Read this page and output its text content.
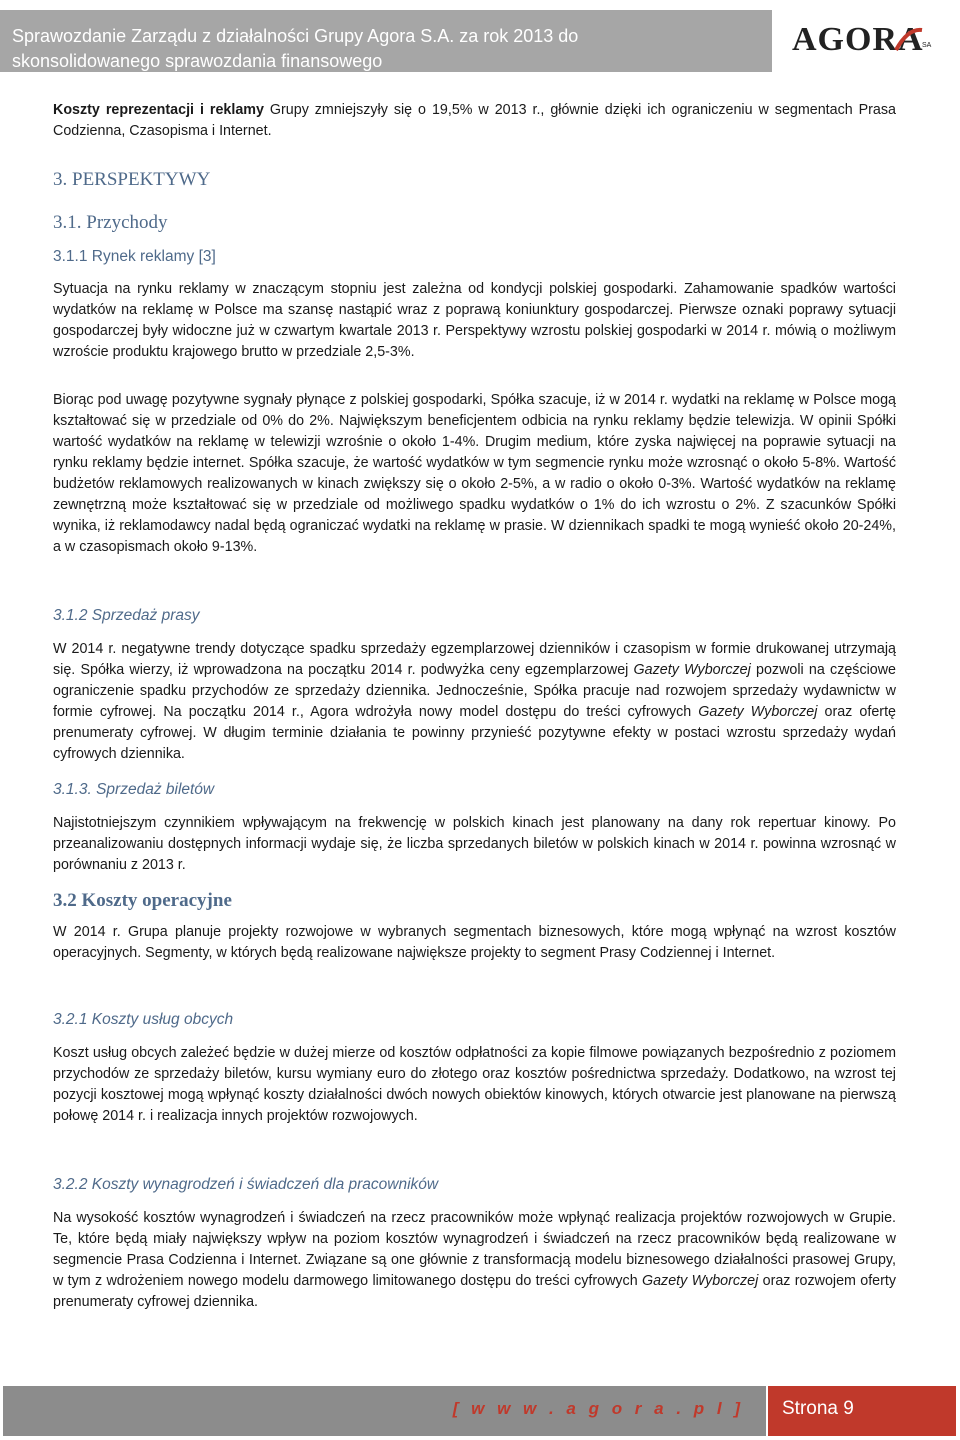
Sprawozdanie Zarządu z działalności Grupy Agora S.A. za rok 2013 do
skonsolidowanego sprawozdania finansowego
AGORA
SA

Koszty reprezentacji i reklamy Grupy zmniejszyły się o 19,5% w 2013 r., głównie dzięki ich ograniczeniu w segmentach Prasa Codzienna, Czasopisma i Internet.

3. PERSPEKTYWY
3.1. Przychody
3.1.1 Rynek reklamy [3]

Sytuacja na rynku reklamy w znaczącym stopniu jest zależna od kondycji polskiej gospodarki. Zahamowanie spadków wartości wydatków na reklamę w Polsce ma szansę nastąpić wraz z poprawą koniunktury gospodarczej. Pierwsze oznaki poprawy sytuacji gospodarczej były widoczne już w czwartym kwartale 2013 r. Perspektywy wzrostu polskiej gospodarki w 2014 r. mówią o możliwym wzroście produktu krajowego brutto w przedziale 2,5-3%.

Biorąc pod uwagę pozytywne sygnały płynące z polskiej gospodarki, Spółka szacuje, iż w 2014 r. wydatki na reklamę w Polsce mogą kształtować się w przedziale od 0% do 2%. Największym beneficjentem odbicia na rynku reklamy będzie telewizja. W opinii Spółki wartość wydatków na reklamę w telewizji wzrośnie o około 1-4%. Drugim medium, które zyska najwięcej na poprawie sytuacji na rynku reklamy będzie internet. Spółka szacuje, że wartość wydatków w tym segmencie rynku może wzrosnąć o około 5-8%. Wartość budżetów reklamowych realizowanych w kinach zwiększy się o około 2-5%, a w radio o około 0-3%. Wartość wydatków na reklamę zewnętrzną może kształtować się w przedziale od możliwego spadku wydatków o 1% do ich wzrostu o 2%. Z szacunków Spółki wynika, iż reklamodawcy nadal będą ograniczać wydatki na reklamę w prasie. W dziennikach spadki te mogą wynieść około 20-24%, a w czasopismach około 9-13%.

3.1.2 Sprzedaż prasy

W 2014 r. negatywne trendy dotyczące spadku sprzedaży egzemplarzowej dzienników i czasopism w formie drukowanej utrzymają się. Spółka wierzy, iż wprowadzona na początku 2014 r. podwyżka ceny egzemplarzowej Gazety Wyborczej pozwoli na częściowe ograniczenie spadku przychodów ze sprzedaży dziennika. Jednocześnie, Spółka pracuje nad rozwojem sprzedaży wydawnictw w formie cyfrowej. Na początku 2014 r., Agora wdrożyła nowy model dostępu do treści cyfrowych Gazety Wyborczej oraz ofertę prenumeraty cyfrowej. W długim terminie działania te powinny przynieść pozytywne efekty w postaci wzrostu sprzedaży wydań cyfrowych dziennika.

3.1.3. Sprzedaż biletów

Najistotniejszym czynnikiem wpływającym na frekwencję w polskich kinach jest planowany na dany rok repertuar kinowy. Po przeanalizowaniu dostępnych informacji wydaje się, że liczba sprzedanych biletów w polskich kinach w 2014 r. powinna wzrosnąć w porównaniu z 2013 r.

3.2 Koszty operacyjne

W 2014 r. Grupa planuje projekty rozwojowe w wybranych segmentach biznesowych, które mogą wpłynąć na wzrost kosztów operacyjnych. Segmenty, w których będą realizowane największe projekty to segment Prasy Codziennej i Internet.

3.2.1 Koszty usług obcych

Koszt usług obcych zależeć będzie w dużej mierze od kosztów odpłatności za kopie filmowe powiązanych bezpośrednio z poziomem przychodów ze sprzedaży biletów, kursu wymiany euro do złotego oraz kosztów pośrednictwa sprzedaży. Dodatkowo, na wzrost tej pozycji kosztowej mogą wpłynąć koszty działalności dwóch nowych obiektów kinowych, których otwarcie jest planowane na pierwszą połowę 2014 r. i realizacja innych projektów rozwojowych.

3.2.2 Koszty wynagrodzeń i świadczeń dla pracowników

Na wysokość kosztów wynagrodzeń i świadczeń na rzecz pracowników może wpłynąć realizacja projektów rozwojowych w Grupie. Te, które będą miały największy wpływ na poziom kosztów wynagrodzeń i świadczeń na rzecz pracowników będą realizowane w segmencie Prasa Codzienna i Internet. Związane są one głównie z transformacją modelu biznesowego działalności prasowej Grupy, w tym z wdrożeniem nowego modelu darmowego limitowanego dostępu do treści cyfrowych Gazety Wyborczej oraz rozwojem oferty prenumeraty cyfrowej dziennika.

[ w w w . a g o r a . p l ] Strona 9
